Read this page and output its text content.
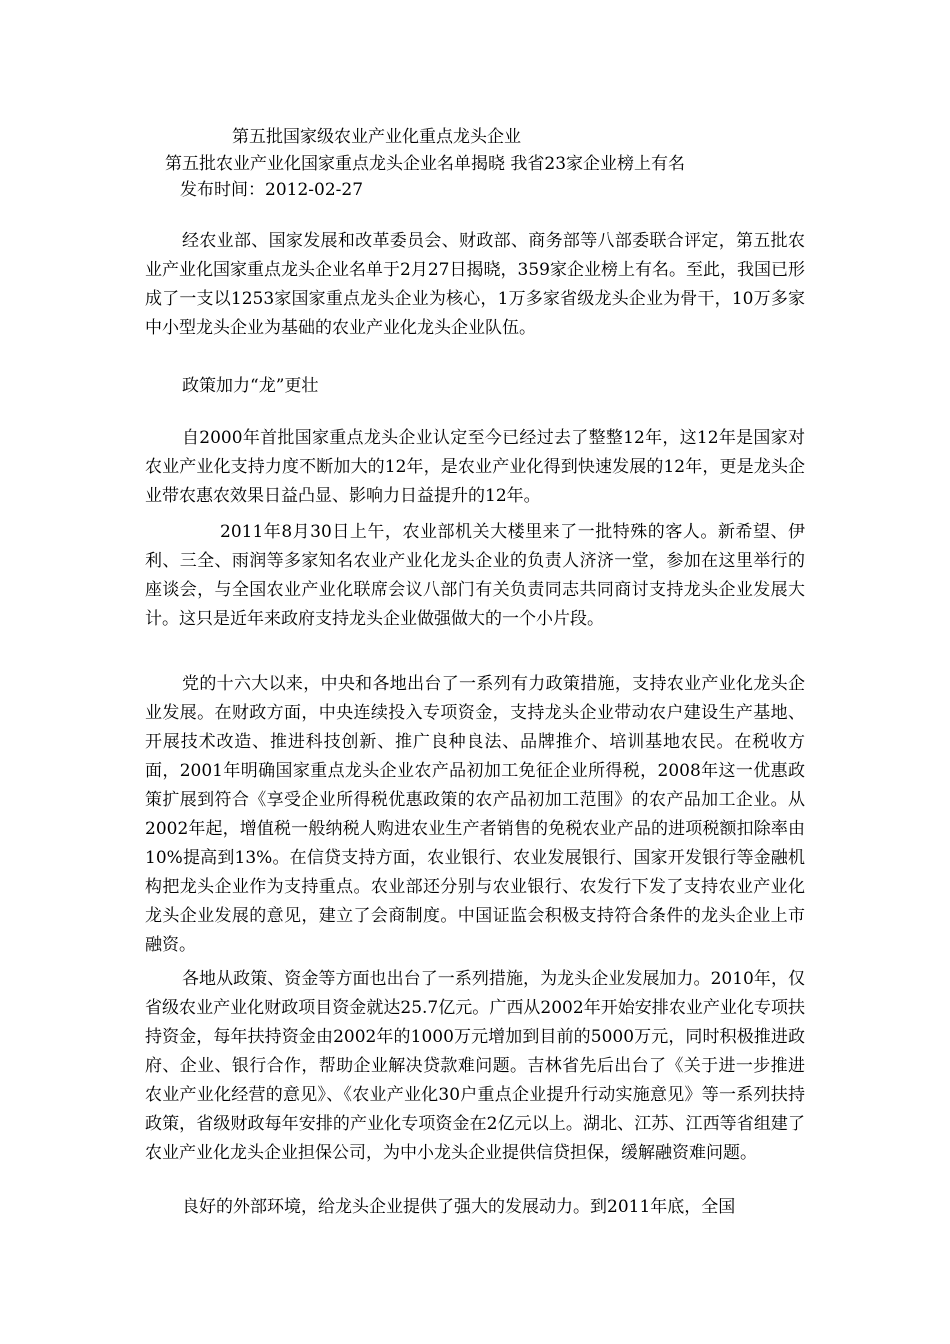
第五批国家级农业产业化重点龙头企业

第五批农业产业化国家重点龙头企业名单揭晓 我省23家企业榜上有名

发布时间：2012-02-27

经农业部、国家发展和改革委员会、财政部、商务部等八部委联合评定，第五批农业产业化国家重点龙头企业名单于2月27日揭晓，359家企业榜上有名。至此，我国已形成了一支以1253家国家重点龙头企业为核心，1万多家省级龙头企业为骨干，10万多家中小型龙头企业为基础的农业产业化龙头企业队伍。

政策加力“龙”更壮

自2000年首批国家重点龙头企业认定至今已经过去了整整12年，这12年是国家对农业产业化支持力度不断加大的12年，是农业产业化得到快速发展的12年，更是龙头企业带农惠农效果日益凸显、影响力日益提升的12年。

2011年8月30日上午，农业部机关大楼里来了一批特殊的客人。新希望、伊利、三全、雨润等多家知名农业产业化龙头企业的负责人济济一堂，参加在这里举行的座谈会，与全国农业产业化联席会议八部门有关负责同志共同商讨支持龙头企业发展大计。这只是近年来政府支持龙头企业做强做大的一个小片段。

党的十六大以来，中央和各地出台了一系列有力政策措施，支持农业产业化龙头企业发展。在财政方面，中央连续投入专项资金，支持龙头企业带动农户建设生产基地、开展技术改造、推进科技创新、推广良种良法、品牌推介、培训基地农民。在税收方面，2001年明确国家重点龙头企业农产品初加工免征企业所得税，2008年这一优惠政策扩展到符合《享受企业所得税优惠政策的农产品初加工范围》的农产品加工企业。从2002年起，增值税一般纳税人购进农业生产者销售的免税农业产品的进项税额扣除率由10%提高到13%。在信贷支持方面，农业银行、农业发展银行、国家开发银行等金融机构把龙头企业作为支持重点。农业部还分别与农业银行、农发行下发了支持农业产业化龙头企业发展的意见，建立了会商制度。中国证监会积极支持符合条件的龙头企业上市融资。

各地从政策、资金等方面也出台了一系列措施，为龙头企业发展加力。2010年，仅省级农业产业化财政项目资金就达25.7亿元。广西从2002年开始安排农业产业化专项扶持资金，每年扶持资金由2002年的1000万元增加到目前的5000万元，同时积极推进政府、企业、银行合作，帮助企业解决贷款难问题。吉林省先后出台了《关于进一步推进农业产业化经营的意见》、《农业产业化30户重点企业提升行动实施意见》等一系列扶持政策，省级财政每年安排的产业化专项资金在2亿元以上。湖北、江苏、江西等省组建了农业产业化龙头企业担保公司，为中小龙头企业提供信贷担保，缓解融资难问题。

良好的外部环境，给龙头企业提供了强大的发展动力。到2011年底，全国
